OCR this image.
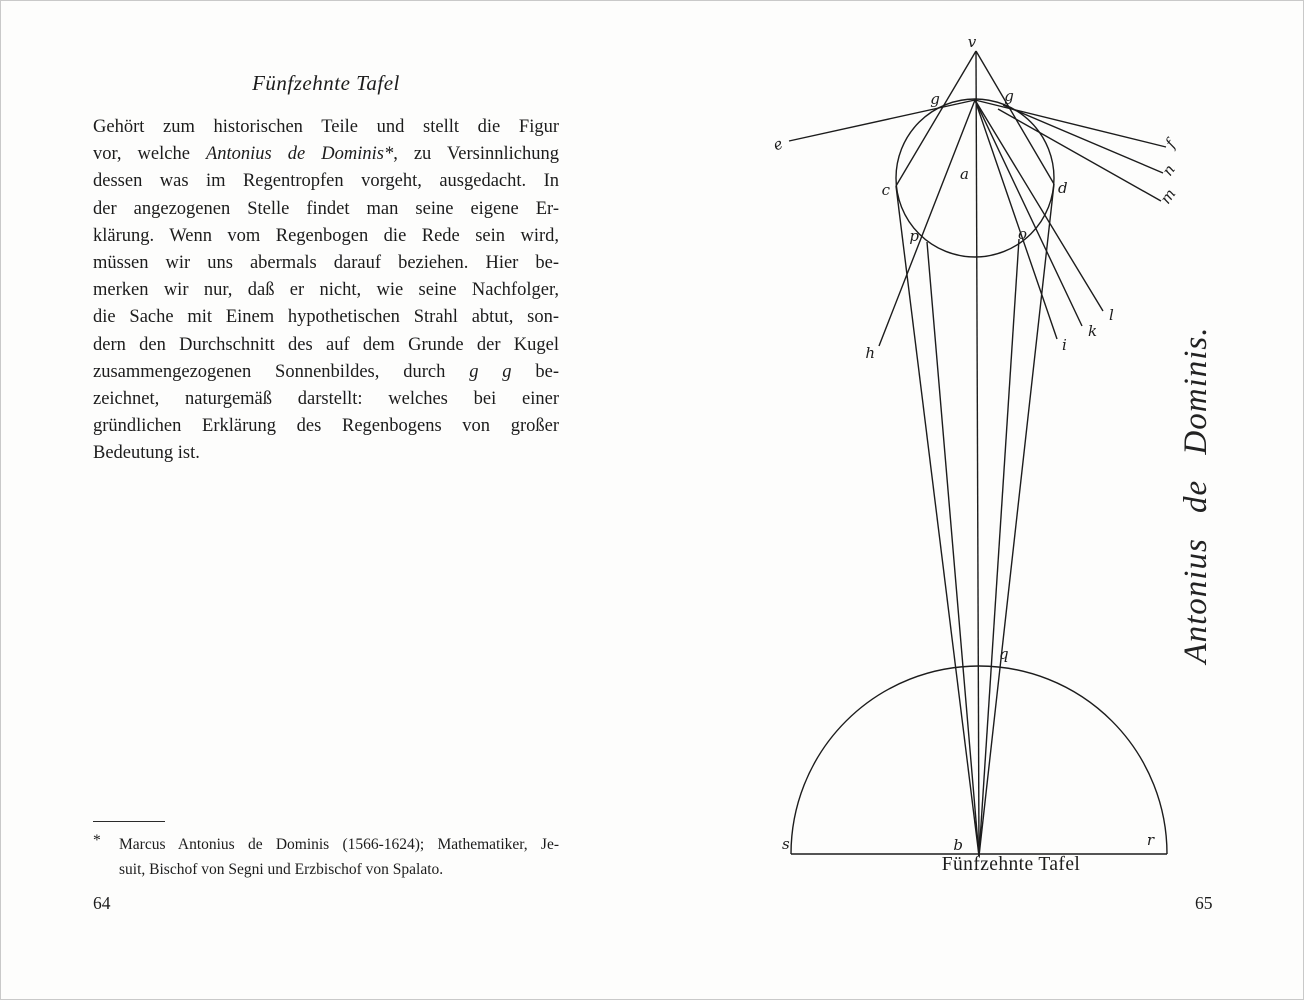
Fünfzehnte Tafel
Gehört zum historischen Teile und stellt die Figur
vor, welche Antonius de Dominis*, zu Versinnlichung
dessen was im Regentropfen vorgeht, ausgedacht. In
der angezogenen Stelle findet man seine eigene Er-
klärung. Wenn vom Regenbogen die Rede sein wird,
müssen wir uns abermals darauf beziehen. Hier be-
merken wir nur, daß er nicht, wie seine Nachfolger,
die Sache mit Einem hypothetischen Strahl abtut, son-
dern den Durchschnitt des auf dem Grunde der Kugel
zusammengezogenen Sonnenbildes, durch g g be-
zeichnet, naturgemäß darstellt: welches bei einer
gründlichen Erklärung des Regenbogens von großer
Bedeutung ist.
*	Marcus Antonius de Dominis (1566-1624); Mathematiker, Je-
suit, Bischof von Segni und Erzbischof von Spalato.
64
v
g	g
a
c	d
e	f
n
m
h	i
k
l
p	o
q
b
s	r
Fünfzehnte Tafel
Antonius de Dominis.
65
